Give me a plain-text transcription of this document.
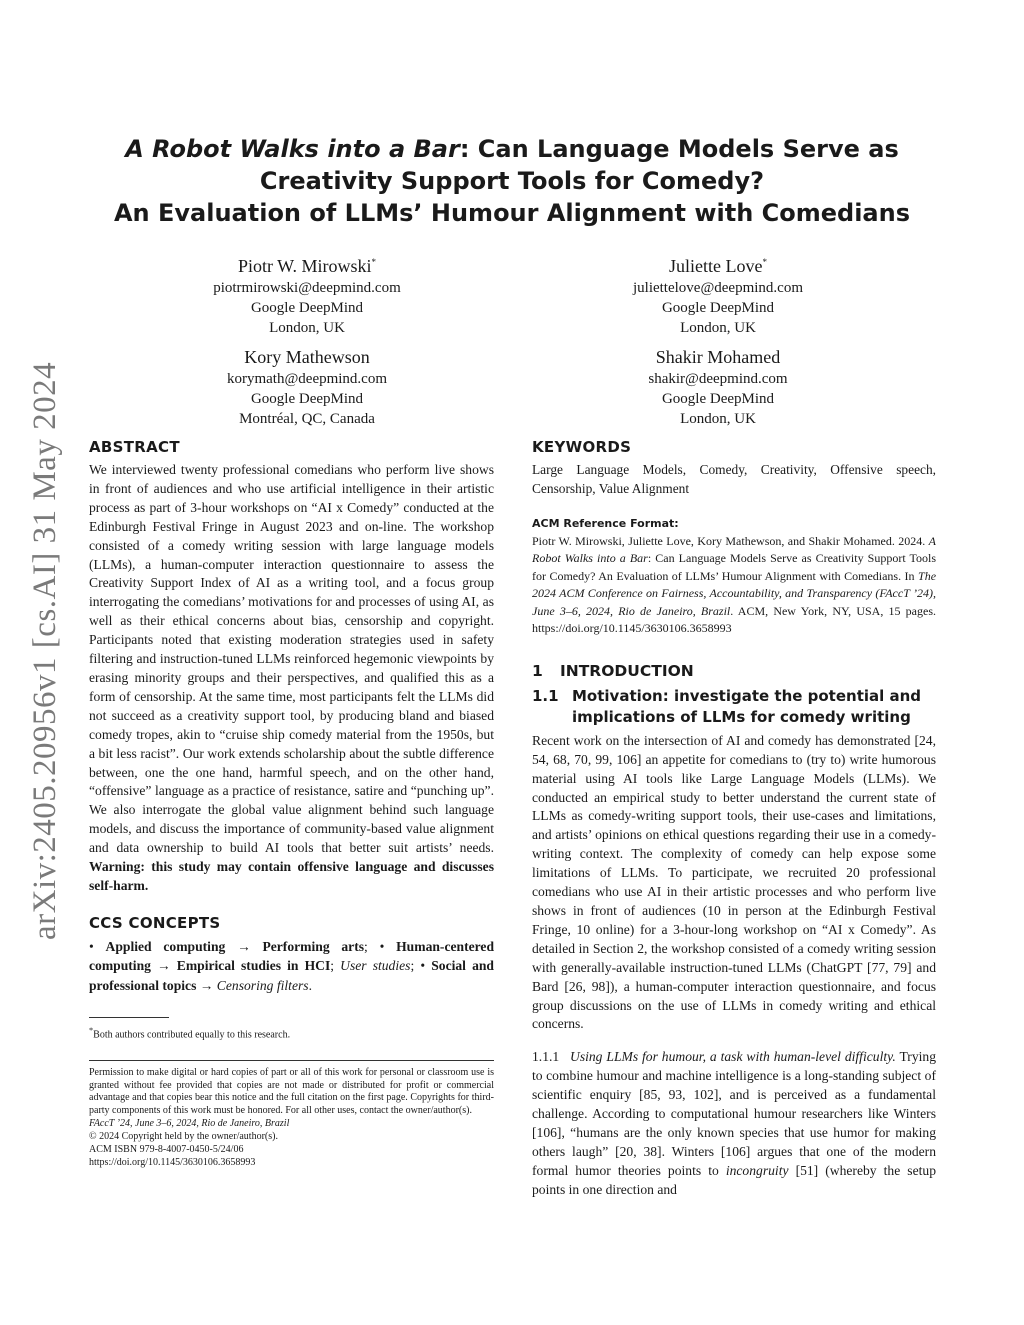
arXiv:2405.20956v1 [cs.AI] 31 May 2024
A Robot Walks into a Bar: Can Language Models Serve as
Creativity Support Tools for Comedy?
An Evaluation of LLMs’ Humour Alignment with Comedians
Piotr W. Mirowski*
piotrmirowski@deepmind.com
Google DeepMind
London, UK
Juliette Love*
juliettelove@deepmind.com
Google DeepMind
London, UK
Kory Mathewson
korymath@deepmind.com
Google DeepMind
Montréal, QC, Canada
Shakir Mohamed
shakir@deepmind.com
Google DeepMind
London, UK
ABSTRACT

We interviewed twenty professional comedians who perform live shows in front of audiences and who use artificial intelligence in their artistic process as part of 3-hour workshops on “AI x Comedy” conducted at the Edinburgh Festival Fringe in August 2023 and on-line. The workshop consisted of a comedy writing session with large language models (LLMs), a human-computer interaction questionnaire to assess the Creativity Support Index of AI as a writing tool, and a focus group interrogating the comedians’ motivations for and processes of using AI, as well as their ethical concerns about bias, censorship and copyright. Participants noted that existing moderation strategies used in safety filtering and instruction-tuned LLMs reinforced hegemonic viewpoints by erasing minority groups and their perspectives, and qualified this as a form of censorship. At the same time, most participants felt the LLMs did not succeed as a creativity support tool, by producing bland and biased comedy tropes, akin to “cruise ship comedy material from the 1950s, but a bit less racist”. Our work extends scholarship about the subtle difference between, one the one hand, harmful speech, and on the other hand, “offensive” language as a practice of resistance, satire and “punching up”. We also interrogate the global value alignment behind such language models, and discuss the importance of community-based value alignment and data ownership to build AI tools that better suit artists’ needs. Warning: this study may contain offensive language and discusses self-harm.

CCS CONCEPTS

• Applied computing → Performing arts; • Human-centered computing → Empirical studies in HCI; User studies; • Social and professional topics → Censoring filters.

*Both authors contributed equally to this research.
Permission to make digital or hard copies of part or all of this work for personal or classroom use is granted without fee provided that copies are not made or distributed for profit or commercial advantage and that copies bear this notice and the full citation on the first page. Copyrights for third-party components of this work must be honored. For all other uses, contact the owner/author(s).
FAccT ’24, June 3–6, 2024, Rio de Janeiro, Brazil
© 2024 Copyright held by the owner/author(s).
ACM ISBN 979-8-4007-0450-5/24/06
https://doi.org/10.1145/3630106.3658993
KEYWORDS

Large Language Models, Comedy, Creativity, Offensive speech, Censorship, Value Alignment

ACM Reference Format:

Piotr W. Mirowski, Juliette Love, Kory Mathewson, and Shakir Mohamed. 2024. A Robot Walks into a Bar: Can Language Models Serve as Creativity Support Tools for Comedy? An Evaluation of LLMs’ Humour Alignment with Comedians. In The 2024 ACM Conference on Fairness, Accountability, and Transparency (FAccT ’24), June 3–6, 2024, Rio de Janeiro, Brazil. ACM, New York, NY, USA, 15 pages. https://doi.org/10.1145/3630106.3658993

1 INTRODUCTION
1.1 Motivation: investigate the potential and implications of LLMs for comedy writing

Recent work on the intersection of AI and comedy has demonstrated [24, 54, 68, 70, 99, 106] an appetite for comedians to (try to) write humorous material using AI tools like Large Language Models (LLMs). We conducted an empirical study to better understand the current state of LLMs as comedy-writing support tools, their use-cases and limitations, and artists’ opinions on ethical questions regarding their use in a comedy-writing context. The complexity of comedy can help expose some limitations of LLMs. To participate, we recruited 20 professional comedians who use AI in their artistic processes and who perform live shows in front of audiences (10 in person at the Edinburgh Festival Fringe, 10 online) for a 3-hour-long workshop on “AI x Comedy”. As detailed in Section 2, the workshop consisted of a comedy writing session with generally-available instruction-tuned LLMs (ChatGPT [77, 79] and Bard [26, 98]), a human-computer interaction questionnaire, and focus group discussions on the use of LLMs in comedy writing and ethical concerns.

1.1.1 Using LLMs for humour, a task with human-level difficulty. Trying to combine humour and machine intelligence is a long-standing subject of scientific enquiry [85, 93, 102], and is perceived as a fundamental challenge. According to computational humour researchers like Winters [106], “humans are the only known species that use humor for making others laugh” [20, 38]. Winters [106] argues that one of the modern formal humor theories points to incongruity [51] (whereby the setup points in one direction and
